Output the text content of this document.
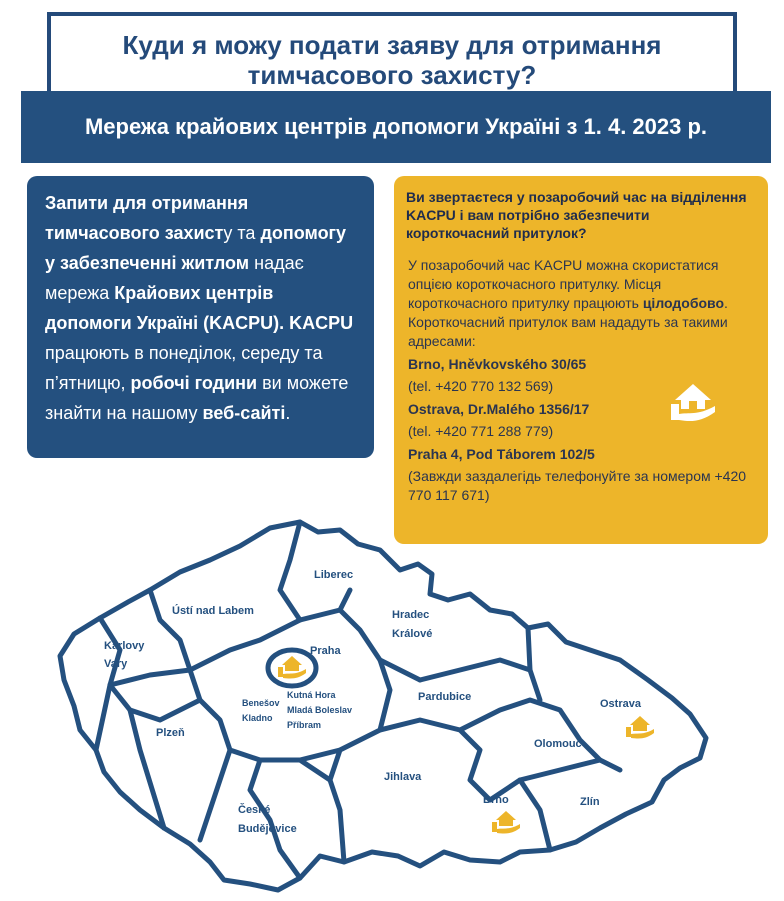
Куди я можу подати заяву для отримання тимчасового захисту?
Мережа крайових центрів допомоги Україні з 1. 4. 2023 р.

Запити для отримання тимчасового захисту та допомогу у забезпеченні житлом надає мережа Крайових центрів допомоги Україні (KACPU). KACPU працюють в понеділок, середу та п’ятницю, робочі години ви можете знайти на нашому веб-сайті.

Ви звертаєтеся у позаробочий час на відділення KACPU і вам потрібно забезпечити короткочасний притулок?

У позаробочий час KACPU можна скористатися опцією короткочасного притулку. Місця короткочасного притулку працюють цілодобово. Короткочасний притулок вам нададуть за такими адресами:

Brno, Hněvkovského 30/65

(tel. +420 770 132 569)

Ostrava, Dr.Malého 1356/17

(tel. +420 771 288 779)

Praha 4, Pod Táborem 102/5

(Завжди заздалегідь телефонуйте за номером +420 770 117 671)

Liberec
Ústí nad Labem	Hradec
Králové
Karlovy
Vary
Praha
Benešov
Kladno
Kutná Hora
Mladá Boleslav
Příbram
Pardubice
Plzeň
Ostrava
Olomouc
Jihlava
Brno	Zlín
České
Budějovice
